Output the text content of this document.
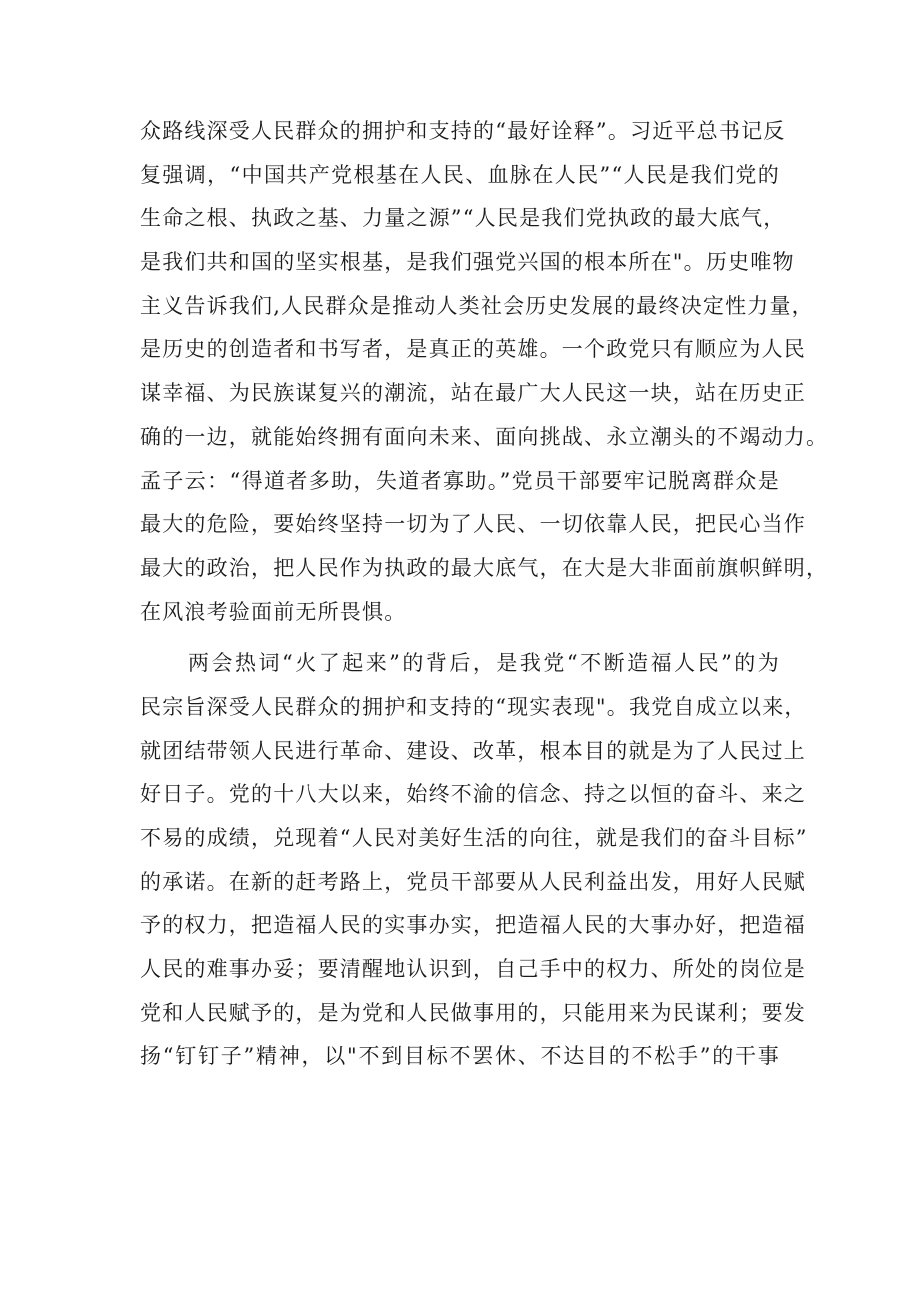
众路线深受人民群众的拥护和支持的“最好诠释”。习近平总书记反
复强调，“中国共产党根基在人民、血脉在人民”“人民是我们党的
生命之根、执政之基、力量之源”“人民是我们党执政的最大底气，
是我们共和国的坚实根基，是我们强党兴国的根本所在"。历史唯物
主义告诉我们,人民群众是推动人类社会历史发展的最终决定性力量，
是历史的创造者和书写者，是真正的英雄。一个政党只有顺应为人民
谋幸福、为民族谋复兴的潮流，站在最广大人民这一块，站在历史正
确的一边，就能始终拥有面向未来、面向挑战、永立潮头的不竭动力。
孟子云：“得道者多助，失道者寡助。”党员干部要牢记脱离群众是
最大的危险，要始终坚持一切为了人民、一切依靠人民，把民心当作
最大的政治，把人民作为执政的最大底气，在大是大非面前旗帜鲜明，
在风浪考验面前无所畏惧。
两会热词“火了起来”的背后，是我党“不断造福人民”的为
民宗旨深受人民群众的拥护和支持的“现实表现"。我党自成立以来，
就团结带领人民进行革命、建设、改革，根本目的就是为了人民过上
好日子。党的十八大以来，始终不渝的信念、持之以恒的奋斗、来之
不易的成绩，兑现着“人民对美好生活的向往，就是我们的奋斗目标”
的承诺。在新的赶考路上，党员干部要从人民利益出发，用好人民赋
予的权力，把造福人民的实事办实，把造福人民的大事办好，把造福
人民的难事办妥；要清醒地认识到，自己手中的权力、所处的岗位是
党和人民赋予的，是为党和人民做事用的，只能用来为民谋利；要发
扬“钉钉子”精神，以"不到目标不罢休、不达目的不松手”的干事
